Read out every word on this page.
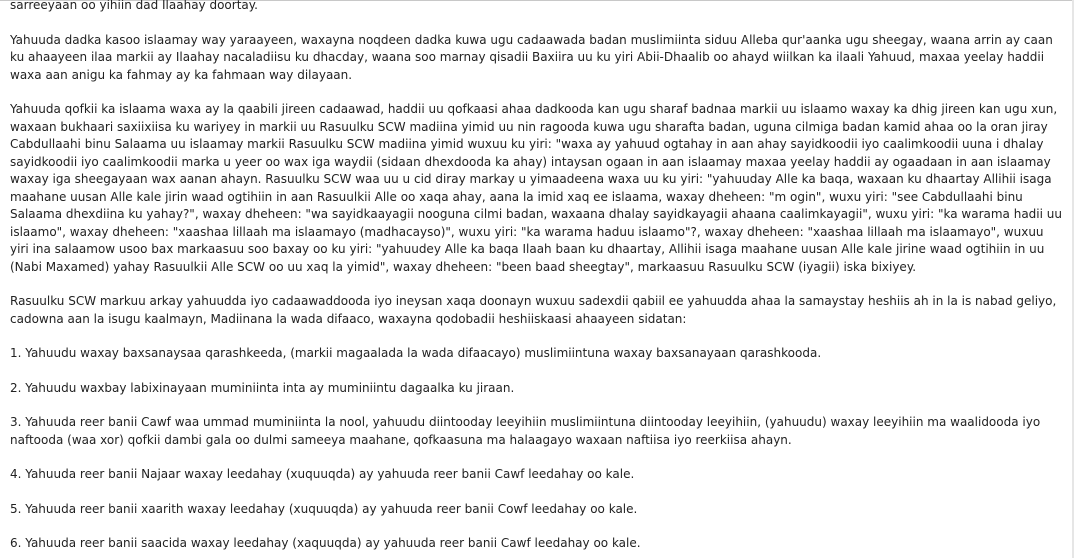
sarreeyaan oo yihiin dad Ilaahay doortay.

Yahuuda dadka kasoo islaamay way yaraayeen, waxayna noqdeen dadka kuwa ugu cadaawada badan muslimiinta siduu Alleba qur'aanka ugu sheegay, waana arrin ay caan ku ahaayeen ilaa markii ay Ilaahay nacaladiisu ku dhacday, waana soo marnay qisadii Baxiira uu ku yiri Abii-Dhaalib oo ahayd wiilkan ka ilaali Yahuud, maxaa yeelay haddii waxa aan anigu ka fahmay ay ka fahmaan way dilayaan.

Yahuuda qofkii ka islaama waxa ay la qaabili jireen cadaawad, haddii uu qofkaasi ahaa dadkooda kan ugu sharaf badnaa markii uu islaamo waxay ka dhig jireen kan ugu xun, waxaan bukhaari saxiixiisa ku wariyey in markii uu Rasuulku SCW madiina yimid uu nin ragooda kuwa ugu sharafta badan, uguna cilmiga badan kamid ahaa oo la oran jiray Cabdullaahi binu Salaama uu islaamay markii Rasuulku SCW madiina yimid wuxuu ku yiri: "waxa ay yahuud ogtahay in aan ahay sayidkoodii iyo caalimkoodii uuna i dhalay sayidkoodii iyo caalimkoodii marka u yeer oo wax iga waydii (sidaan dhexdooda ka ahay) intaysan ogaan in aan islaamay maxaa yeelay haddii ay ogaadaan in aan islaamay waxay iga sheegayaan wax aanan ahayn. Rasuulku SCW waa uu u cid diray markay u yimaadeena waxa uu ku yiri: "yahuuday Alle ka baqa, waxaan ku dhaartay Allihii isaga maahane uusan Alle kale jirin waad ogtihiin in aan Rasuulkii Alle oo xaqa ahay, aana la imid xaq ee islaama, waxay dheheen: "m ogin", wuxu yiri: "see Cabdullaahi binu Salaama dhexdiina ku yahay?", waxay dheheen: "wa sayidkaayagii nooguna cilmi badan, waxaana dhalay sayidkayagii ahaana caalimkayagii", wuxu yiri: "ka warama hadii uu islaamo", waxay dheheen: "xaashaa lillaah ma islaamayo (madhacayso)", wuxu yiri: "ka warama haduu islaamo"?, waxay dheheen: "xaashaa lillaah ma islaamayo", wuxuu yiri ina salaamow usoo bax markaasuu soo baxay oo ku yiri: "yahuudey Alle ka baqa Ilaah baan ku dhaartay, Allihii isaga maahane uusan Alle kale jirine waad ogtihiin in uu (Nabi Maxamed) yahay Rasuulkii Alle SCW oo uu xaq la yimid", waxay dheheen: "been baad sheegtay", markaasuu Rasuulku SCW (iyagii) iska bixiyey.

Rasuulku SCW markuu arkay yahuudda iyo cadaawaddooda iyo ineysan xaqa doonayn wuxuu sadexdii qabiil ee yahuudda ahaa la samaystay heshiis ah in la is nabad geliyo, cadowna aan la isugu kaalmayn, Madiinana la wada difaaco, waxayna qodobadii heshiiskaasi ahaayeen sidatan:

1. Yahuudu waxay baxsanaysaa qarashkeeda, (markii magaalada la wada difaacayo) muslimiintuna waxay baxsanayaan qarashkooda.

2. Yahuudu waxbay labixinayaan muminiinta inta ay muminiintu dagaalka ku jiraan.

3. Yahuuda reer banii Cawf waa ummad muminiinta la nool, yahuudu diintooday leeyihiin muslimiintuna diintooday leeyihiin, (yahuudu) waxay leeyihiin ma waalidooda iyo naftooda (waa xor) qofkii dambi gala oo dulmi sameeya maahane, qofkaasuna ma halaagayo waxaan naftiisa iyo reerkiisa ahayn.

4. Yahuuda reer banii Najaar waxay leedahay (xuquuqda) ay yahuuda reer banii Cawf leedahay oo kale.

5. Yahuuda reer banii xaarith waxay leedahay (xuquuqda) ay yahuuda reer banii Cowf leedahay oo kale.

6. Yahuuda reer banii saacida waxay leedahay (xaquuqda) ay yahuuda reer banii Cawf leedahay oo kale.
